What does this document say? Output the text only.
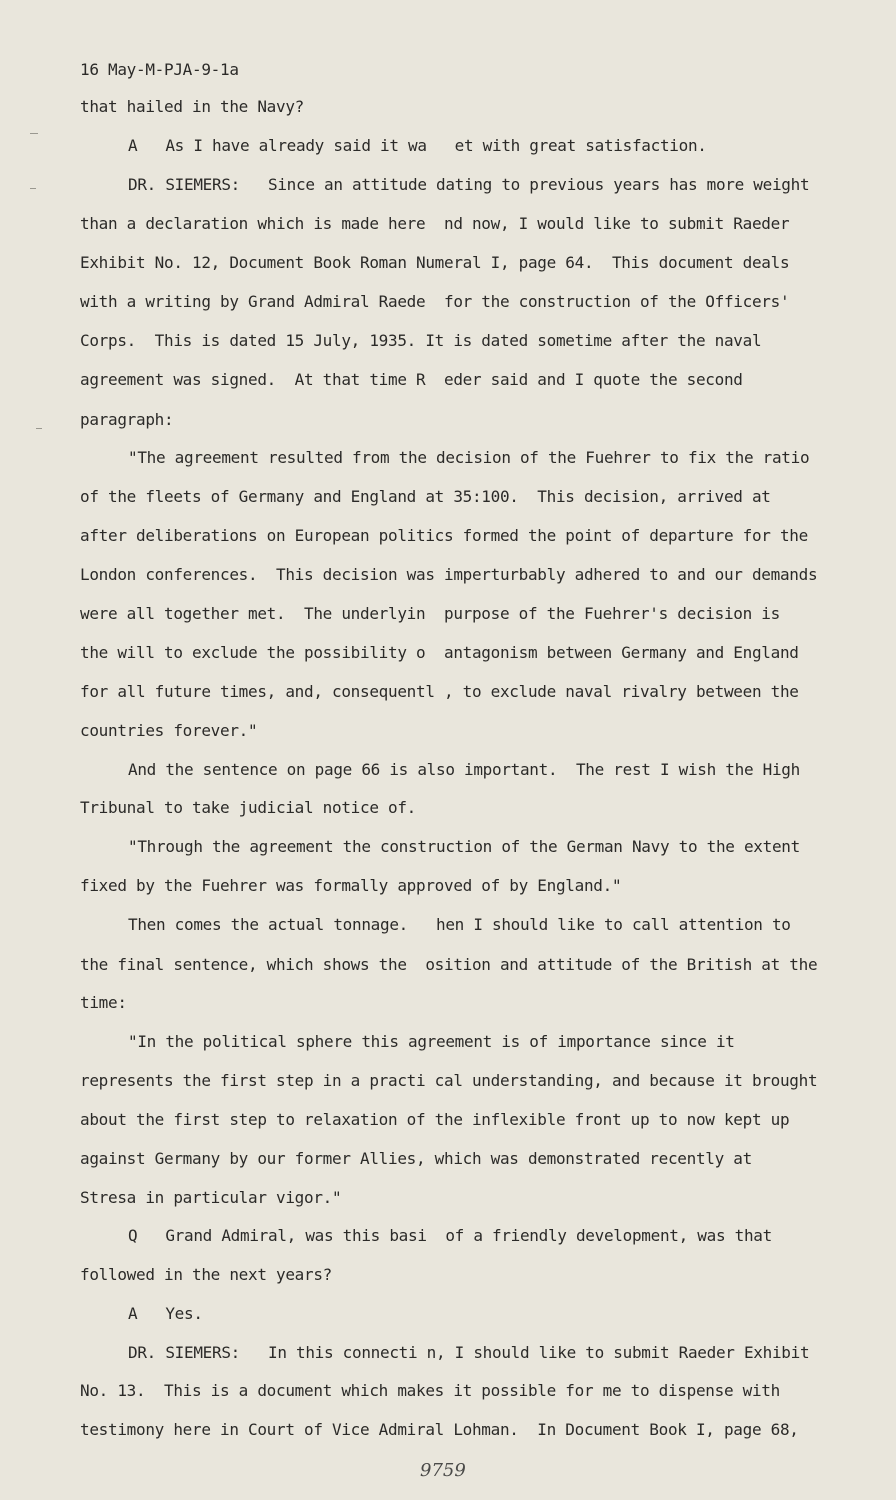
16 May-M-PJA-9-1a

that hailed in the Navy?

A   As I have already said it wa   et with great satisfaction.

DR. SIEMERS:   Since an attitude dating to previous years has more weight

than a declaration which is made here  nd now, I would like to submit Raeder

Exhibit No. 12, Document Book Roman Numeral I, page 64.  This document deals

with a writing by Grand Admiral Raede  for the construction of the Officers'

Corps.  This is dated 15 July, 1935. It is dated sometime after the naval

agreement was signed.  At that time R  eder said and I quote the second

paragraph:

"The agreement resulted from the decision of the Fuehrer to fix the ratio

of the fleets of Germany and England at 35:100.  This decision, arrived at

after deliberations on European politics formed the point of departure for the

London conferences.  This decision was imperturbably adhered to and our demands

were all together met.  The underlyin  purpose of the Fuehrer's decision is

the will to exclude the possibility o  antagonism between Germany and England

for all future times, and, consequentl , to exclude naval rivalry between the

countries forever."

And the sentence on page 66 is also important.  The rest I wish the High

Tribunal to take judicial notice of.

"Through the agreement the construction of the German Navy to the extent

fixed by the Fuehrer was formally approved of by England."

Then comes the actual tonnage.   hen I should like to call attention to

the final sentence, which shows the  osition and attitude of the British at the

time:

"In the political sphere this agreement is of importance since it

represents the first step in a practi cal understanding, and because it brought

about the first step to relaxation of the inflexible front up to now kept up

against Germany by our former Allies, which was demonstrated recently at

Stresa in particular vigor."

Q   Grand Admiral, was this basi  of a friendly development, was that

followed in the next years?

A   Yes.

DR. SIEMERS:   In this connecti n, I should like to submit Raeder Exhibit

No. 13.  This is a document which makes it possible for me to dispense with

testimony here in Court of Vice Admiral Lohman.  In Document Book I, page 68,

9759
